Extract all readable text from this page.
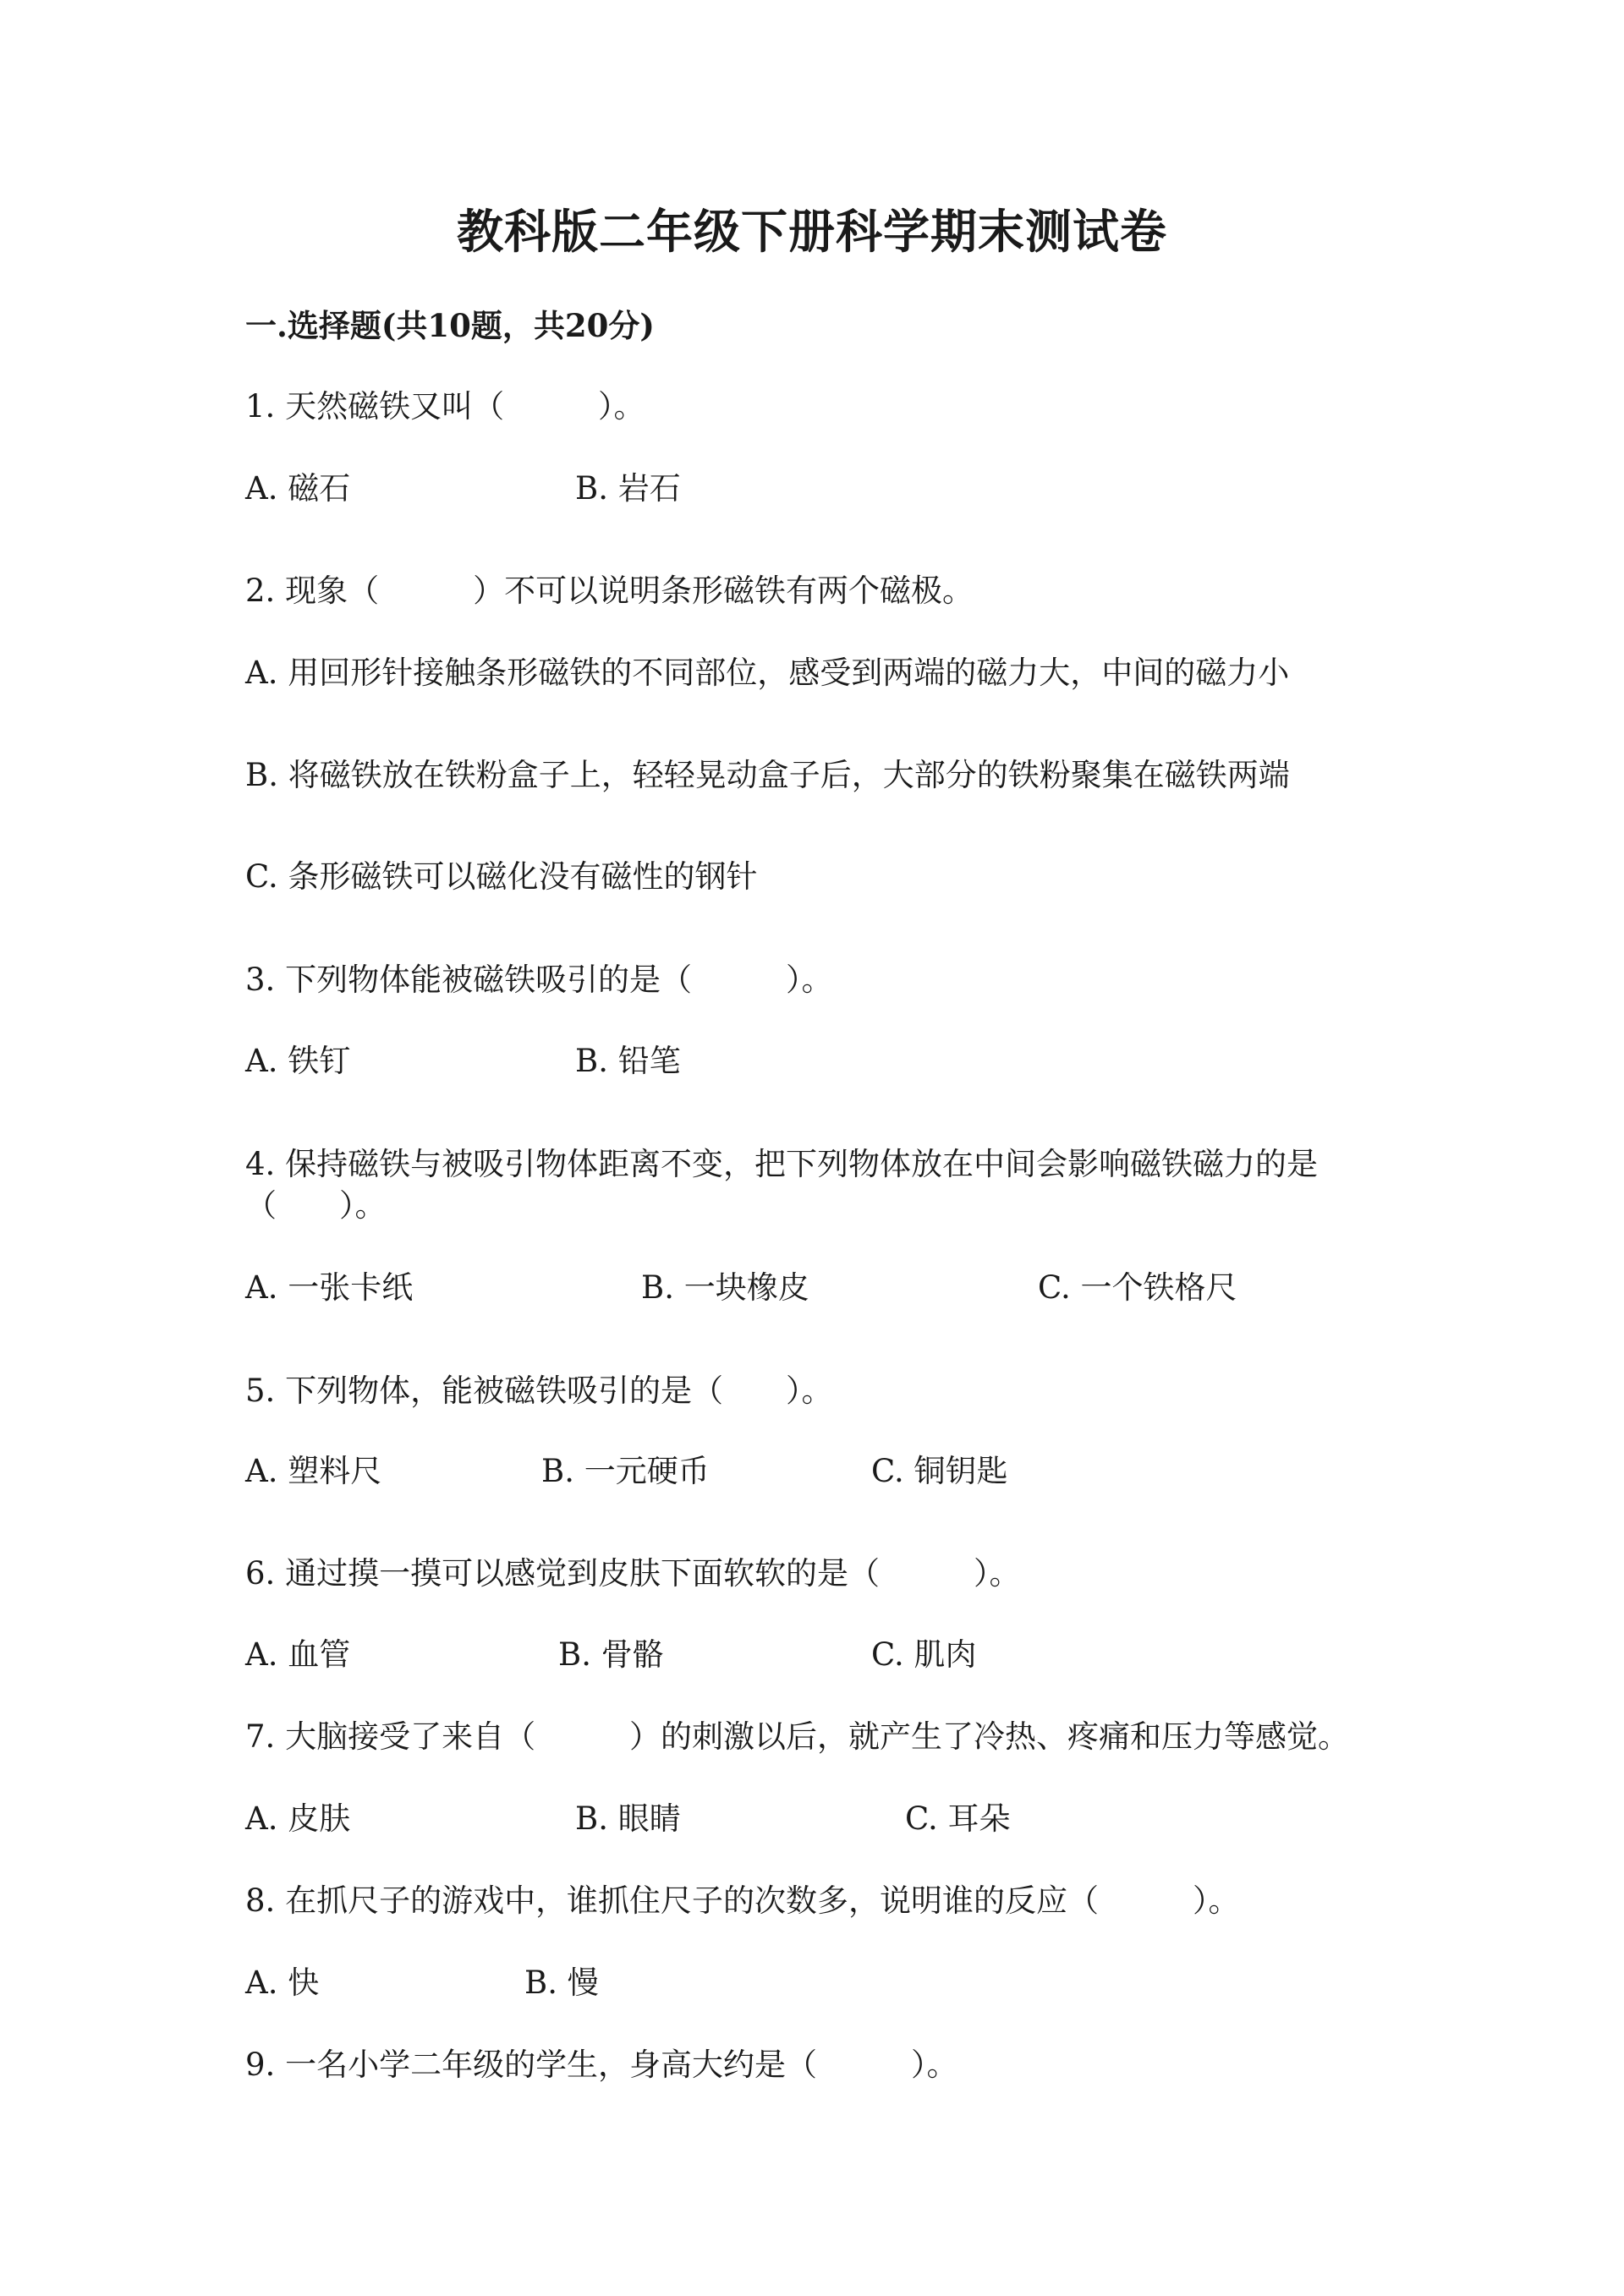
教科版二年级下册科学期末测试卷
一.选择题(共10题，共20分)
1. 天然磁铁又叫（　　　）。
A. 磁石	B. 岩石
2. 现象（　　　）不可以说明条形磁铁有两个磁极。
A. 用回形针接触条形磁铁的不同部位，感受到两端的磁力大，中间的磁力小
B. 将磁铁放在铁粉盒子上，轻轻晃动盒子后，大部分的铁粉聚集在磁铁两端
C. 条形磁铁可以磁化没有磁性的钢针
3. 下列物体能被磁铁吸引的是（　　　）。
A. 铁钉	B. 铅笔
4. 保持磁铁与被吸引物体距离不变，把下列物体放在中间会影响磁铁磁力的是
（　　）。
A. 一张卡纸	B. 一块橡皮	C. 一个铁格尺
5. 下列物体，能被磁铁吸引的是（　　）。
A. 塑料尺	B. 一元硬币	C. 铜钥匙
6. 通过摸一摸可以感觉到皮肤下面软软的是（　　　）。
A. 血管	B. 骨骼	C. 肌肉
7. 大脑接受了来自（　　　）的刺激以后，就产生了冷热、疼痛和压力等感觉。
A. 皮肤	B. 眼睛	C. 耳朵
8. 在抓尺子的游戏中，谁抓住尺子的次数多，说明谁的反应（　　　）。
A. 快	B. 慢
9. 一名小学二年级的学生，身高大约是（　　　）。
